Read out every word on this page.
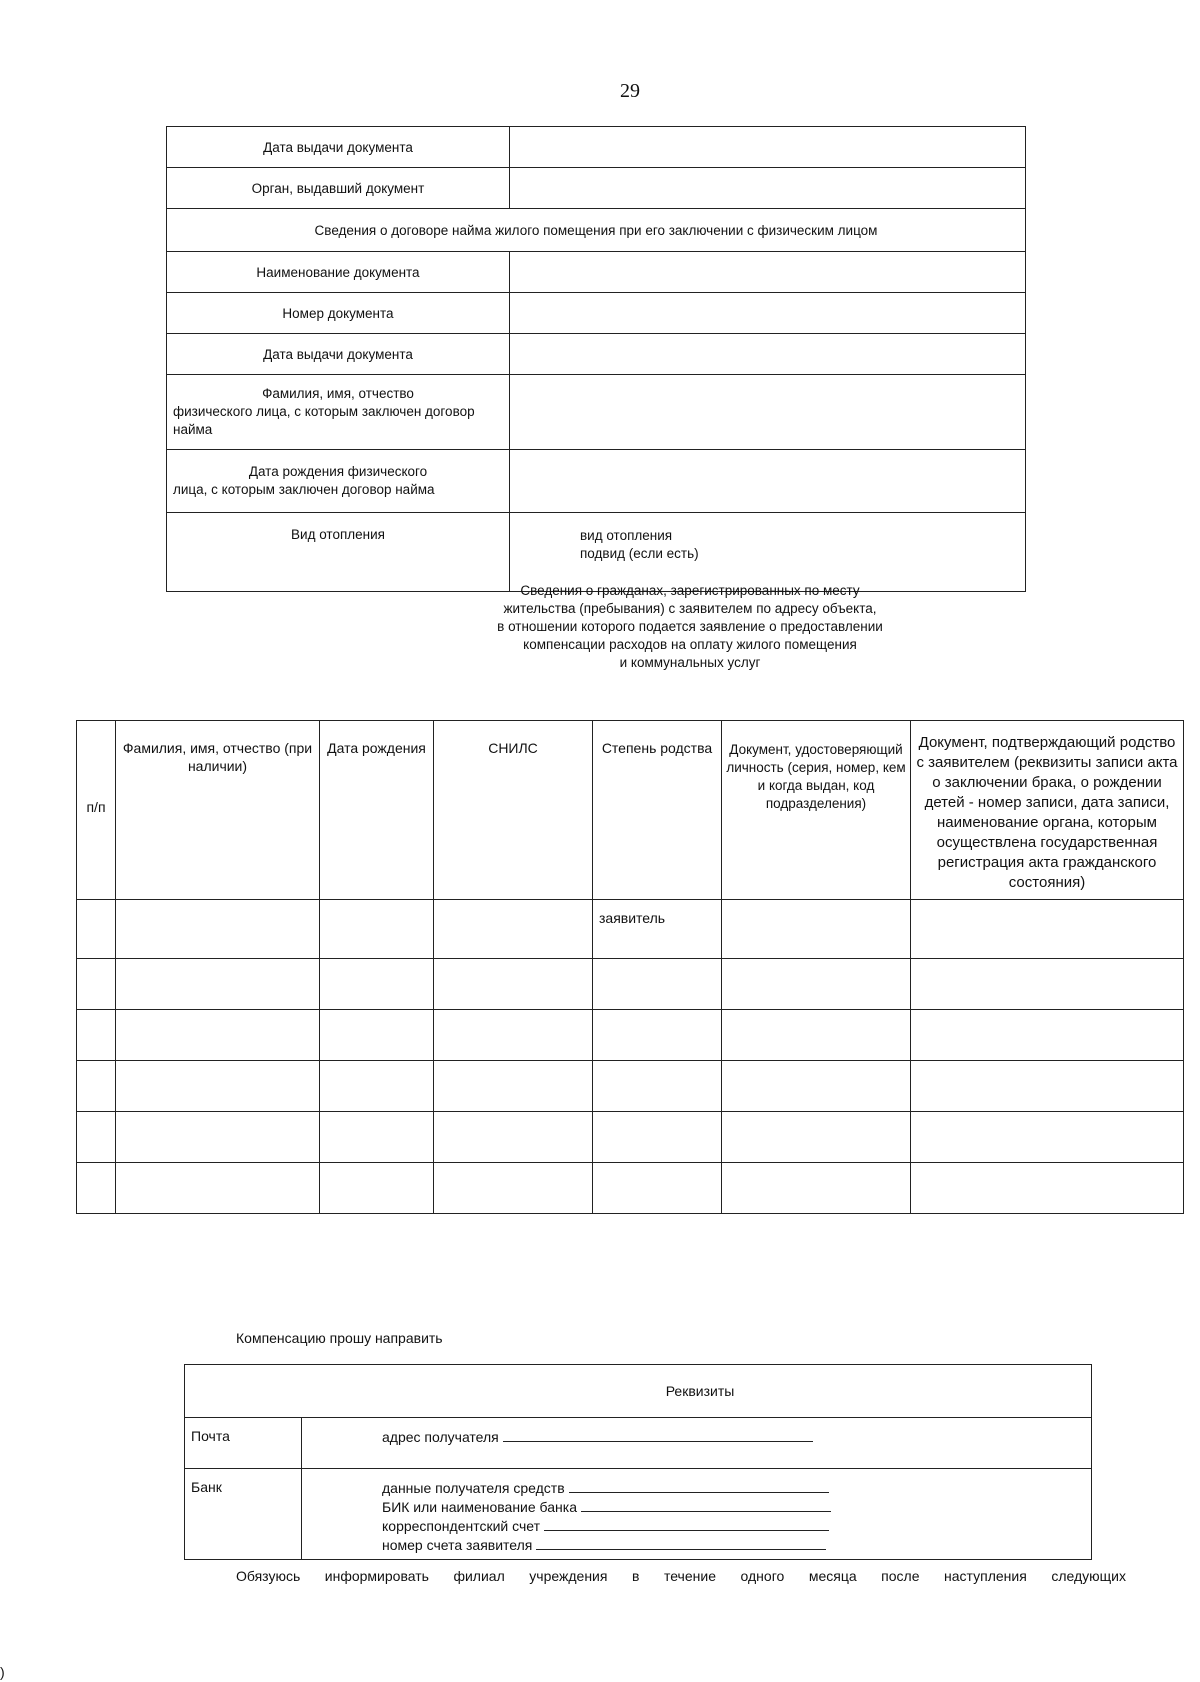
29
Дата выдачи документа	
Орган, выдавший документ	
Сведения о договоре найма жилого помещения при его заключении с физическим лицом	
Наименование документа	
Номер документа	
Дата выдачи документа	

Фамилия, имя, отчество
физического лица, с которым заключен договор найма	

Дата рождения физического
лица, с которым заключен договор найма	
Вид отопления	вид отопления
подвид (если есть)
Сведения о гражданах, зарегистрированных по месту
жительства (пребывания) с заявителем по адресу объекта,
в отношении которого подается заявление о предоставлении
компенсации расходов на оплату жилого помещения
и коммунальных услуг
п/п	Фамилия, имя, отчество (при наличии)	Дата рождения	СНИЛС	Степень родства	Документ, удостоверяющий личность (серия, номер, кем и когда выдан, код подразделения)	Документ, подтверждающий родство с заявителем (реквизиты записи акта о заключении брака, о рождении детей - номер записи, дата записи, наименование органа, которым осуществлена государственная регистрация акта гражданского состояния)
				заявитель		

Компенсацию прошу направить
Реквизиты	
Почта	адрес получателя
Банк	данные получателя средств
БИК или наименование банка
корреспондентский счет
номер счета заявителя
Обязуюсь информировать филиал учреждения в течение одного месяца после наступления следующих
)
